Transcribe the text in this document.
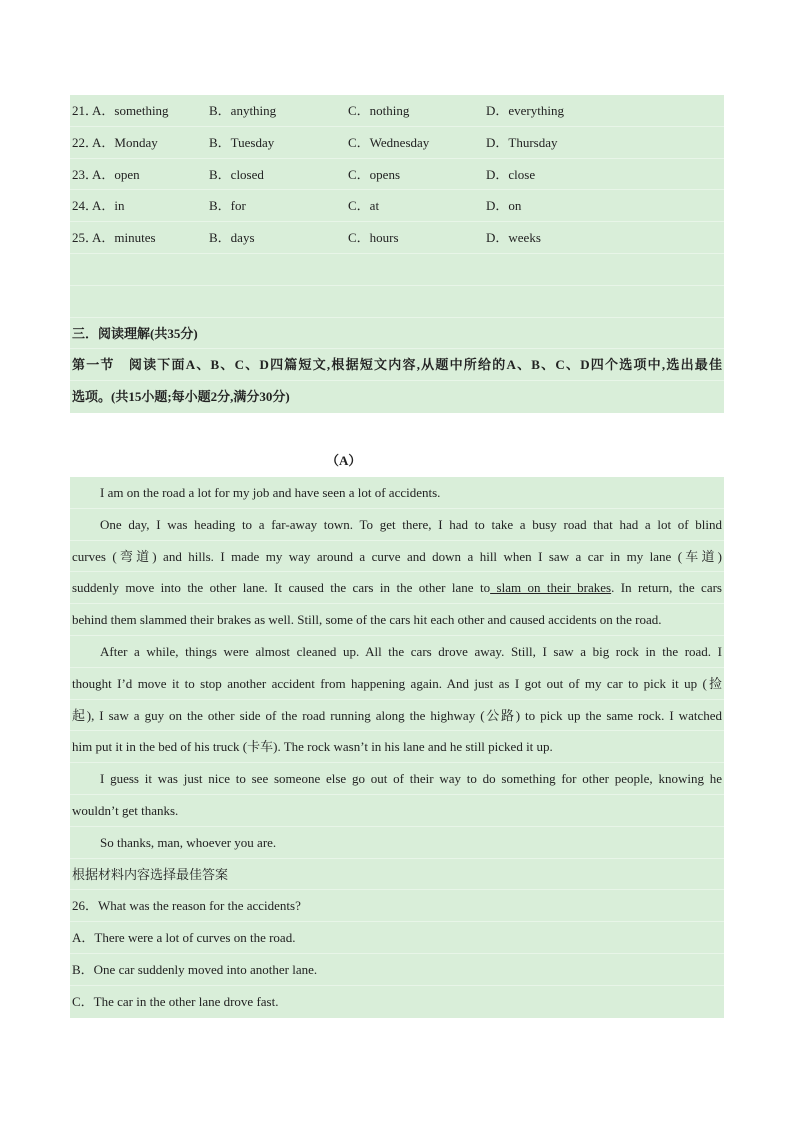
21．
A．something	B．anything	C．nothing	D．everything
22．
A．Monday	B．Tuesday	C．Wednesday	D．Thursday
23．
A．open	B．closed	C．opens	D．close
24．
A．in	B．for	C．at	D．on
25．
A．minutes	B．days	C．hours	D．weeks
三．阅读理解(共35分)
第一节　阅读下面A、B、C、D四篇短文,根据短文内容,从题中所给的A、B、C、D四个选项中,选出最佳
选项。(共15小题;每小题2分,满分30分)
（A）
I am on the road a lot for my job and have seen a lot of accidents.
One day, I was heading to a far-away town. To get there, I had to take a busy road that had a lot of blind
curves (弯道) and hills. I made my way around a curve and down a hill when I saw a car in my lane (车道)
suddenly move into the other lane. It caused the cars in the other lane to slam on their brakes. In return, the cars
behind them slammed their brakes as well. Still, some of the cars hit each other and caused accidents on the road.
After a while, things were almost cleaned up. All the cars drove away. Still, I saw a big rock in the road. I
thought I’d move it to stop another accident from happening again. And just as I got out of my car to pick it up (捡
起), I saw a guy on the other side of the road running along the highway (公路) to pick up the same rock. I watched
him put it in the bed of his truck (卡车). The rock wasn’t in his lane and he still picked it up.
I guess it was just nice to see someone else go out of their way to do something for other people, knowing he
wouldn’t get thanks.
So thanks, man, whoever you are.
根据材料内容选择最佳答案
26．What was the reason for the accidents?
A．There were a lot of curves on the road.
B．One car suddenly moved into another lane.
C．The car in the other lane drove fast.
